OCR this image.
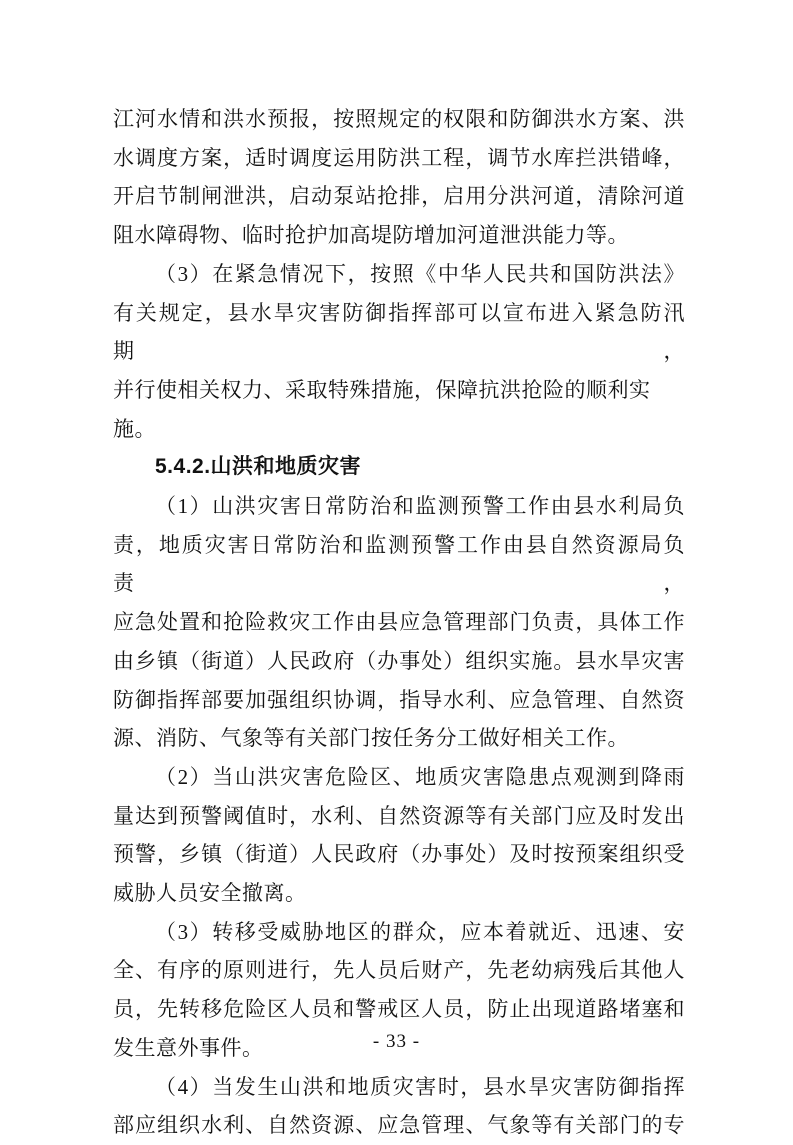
江河水情和洪水预报，按照规定的权限和防御洪水方案、洪
水调度方案，适时调度运用防洪工程，调节水库拦洪错峰，
开启节制闸泄洪，启动泵站抢排，启用分洪河道，清除河道
阻水障碍物、临时抢护加高堤防增加河道泄洪能力等。
（3）在紧急情况下，按照《中华人民共和国防洪法》
有关规定，县水旱灾害防御指挥部可以宣布进入紧急防汛期，
并行使相关权力、采取特殊措施，保障抗洪抢险的顺利实施。
5.4.2.山洪和地质灾害
（1）山洪灾害日常防治和监测预警工作由县水利局负
责，地质灾害日常防治和监测预警工作由县自然资源局负责，
应急处置和抢险救灾工作由县应急管理部门负责，具体工作
由乡镇（街道）人民政府（办事处）组织实施。县水旱灾害
防御指挥部要加强组织协调，指导水利、应急管理、自然资
源、消防、气象等有关部门按任务分工做好相关工作。
（2）当山洪灾害危险区、地质灾害隐患点观测到降雨
量达到预警阈值时，水利、自然资源等有关部门应及时发出
预警，乡镇（街道）人民政府（办事处）及时按预案组织受
威胁人员安全撤离。
（3）转移受威胁地区的群众，应本着就近、迅速、安
全、有序的原则进行，先人员后财产，先老幼病残后其他人
员，先转移危险区人员和警戒区人员，防止出现道路堵塞和
发生意外事件。
（4）当发生山洪和地质灾害时，县水旱灾害防御指挥
部应组织水利、自然资源、应急管理、气象等有关部门的专
- 33 -
